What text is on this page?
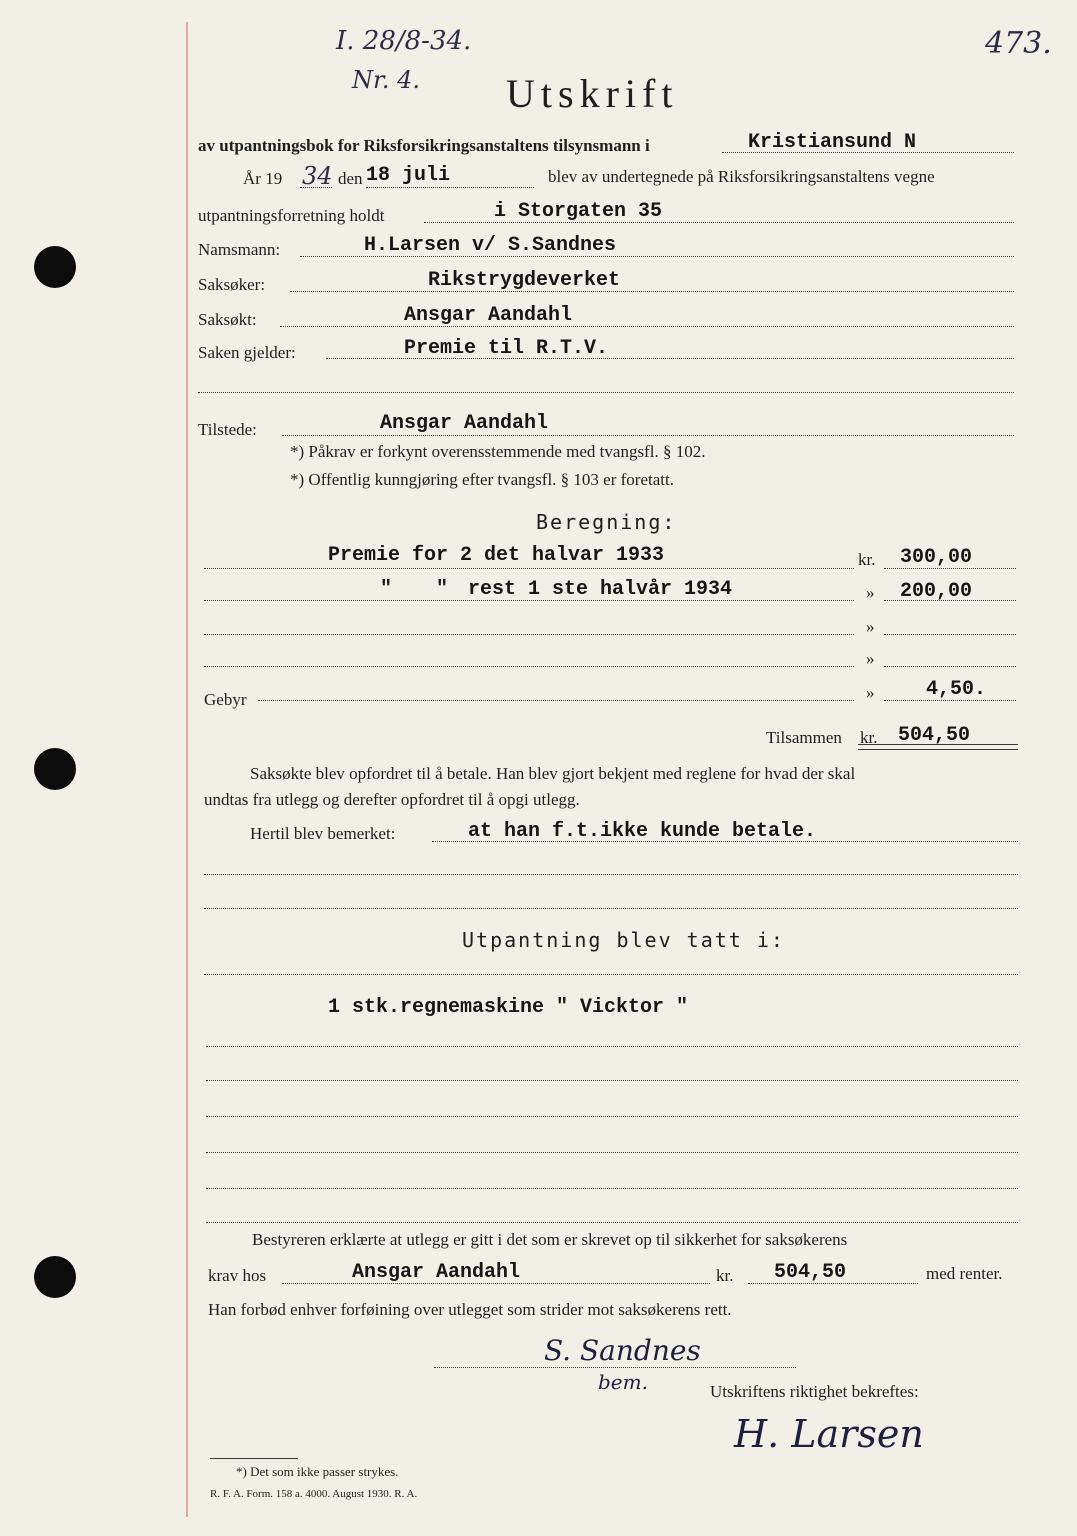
I. 28/8-34.
Nr. 4.
473.
Utskrift
av utpantningsbok for Riksforsikringsanstaltens tilsynsmann i	Kristiansund N
År 19 34 den 18 juli	blev av undertegnede på Riksforsikringsanstaltens vegne
utpantningsforretning holdt	i Storgaten 35
Namsmann:	H.Larsen v/ S.Sandnes
Saksøker:	Rikstrygdeverket
Saksøkt:	Ansgar Aandahl
Saken gjelder:	Premie til R.T.V.
Tilstede:	Ansgar Aandahl
*) Påkrav er forkynt overensstemmende med tvangsfl. § 102.
*) Offentlig kunngjøring efter tvangsfl. § 103 er foretatt.
Beregning:
Premie for 2 det halvar 1933	kr. 300,00
" " rest 1 ste halvår 1934	» 200,00
»
»
Gebyr	»	4,50.
Tilsammen kr. 504,50
Saksøkte blev opfordret til å betale. Han blev gjort bekjent med reglene for hvad der skal
undtas fra utlegg og derefter opfordret til å opgi utlegg.
Hertil blev bemerket:	at han f.t.ikke kunde betale.
Utpantning blev tatt i:
1 stk.regnemaskine " Vicktor "
Bestyreren erklærte at utlegg er gitt i det som er skrevet op til sikkerhet for saksøkerens
krav hos	Ansgar Aandahl	kr. 504,50	med renter.
Han forbød enhver forføining over utlegget som strider mot saksøkerens rett.
S. Sandnes
bem.	Utskriftens riktighet bekreftes:
H. Larsen
*) Det som ikke passer strykes.
R. F. A. Form. 158 a. 4000. August 1930. R. A.
